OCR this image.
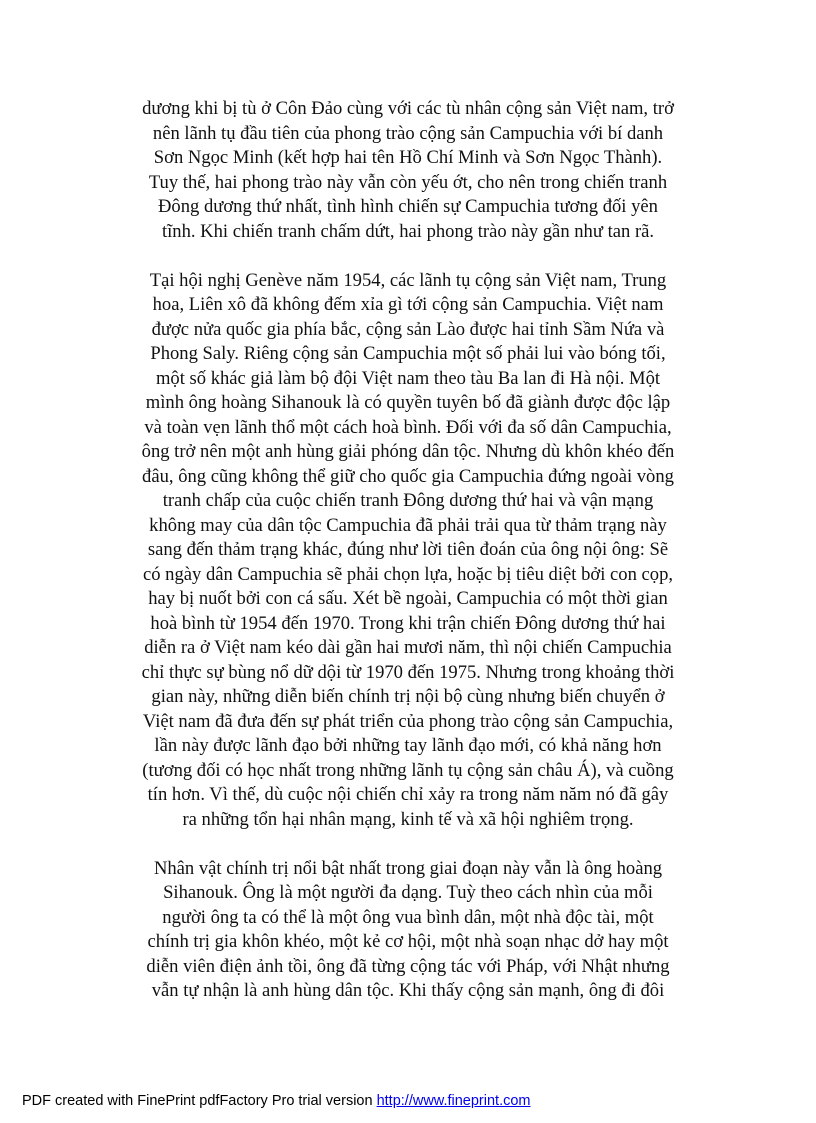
dương khi bị tù ở Côn Đảo cùng với các tù nhân cộng sản Việt nam, trở
nên lãnh tụ đầu tiên của phong trào cộng sản Campuchia với bí danh
Sơn Ngọc Minh (kết hợp hai tên Hồ Chí Minh và Sơn Ngọc Thành).
Tuy thế, hai phong trào này vẫn còn yếu ớt, cho nên trong chiến tranh
Đông dương thứ nhất, tình hình chiến sự Campuchia tương đối yên
tĩnh. Khi chiến tranh chấm dứt, hai phong trào này gần như tan rã.

Tại hội nghị Genève năm 1954, các lãnh tụ cộng sản Việt nam, Trung
hoa, Liên xô đã không đếm xỉa gì tới cộng sản Campuchia. Việt nam
được nửa quốc gia phía bắc, cộng sản Lào được hai tỉnh Sầm Nứa và
Phong Saly. Riêng cộng sản Campuchia một số phải lui vào bóng tối,
một số khác giả làm bộ đội Việt nam theo tàu Ba lan đi Hà nội. Một
mình ông hoàng Sihanouk là có quyền tuyên bố đã giành được độc lập
và toàn vẹn lãnh thổ một cách hoà bình. Đối với đa số dân Campuchia,
ông trở nên một anh hùng giải phóng dân tộc. Nhưng dù khôn khéo đến
đâu, ông cũng không thể giữ cho quốc gia Campuchia đứng ngoài vòng
tranh chấp của cuộc chiến tranh Đông dương thứ hai và vận mạng
không may của dân tộc Campuchia đã phải trải qua từ thảm trạng này
sang đến thảm trạng khác, đúng như lời tiên đoán của ông nội ông: Sẽ
có ngày dân Campuchia sẽ phải chọn lựa, hoặc bị tiêu diệt bởi con cọp,
hay bị nuốt bởi con cá sấu. Xét bề ngoài, Campuchia có một thời gian
hoà bình từ 1954 đến 1970. Trong khi trận chiến Đông dương thứ hai
diễn ra ở Việt nam kéo dài gần hai mươi năm, thì nội chiến Campuchia
chỉ thực sự bùng nổ dữ dội từ 1970 đến 1975. Nhưng trong khoảng thời
gian này, những diễn biến chính trị nội bộ cùng nhưng biến chuyển ở
Việt nam đã đưa đến sự phát triển của phong trào cộng sản Campuchia,
lần này được lãnh đạo bởi những tay lãnh đạo mới, có khả năng hơn
(tương đối có học nhất trong những lãnh tụ cộng sản châu Á), và cuồng
tín hơn. Vì thế, dù cuộc nội chiến chỉ xảy ra trong năm năm nó đã gây
ra những tổn hại nhân mạng, kinh tế và xã hội nghiêm trọng.

Nhân vật chính trị nổi bật nhất trong giai đoạn này vẫn là ông hoàng
Sihanouk. Ông là một người đa dạng. Tuỳ theo cách nhìn của mỗi
người ông ta có thể là một ông vua bình dân, một nhà độc tài, một
chính trị gia khôn khéo, một kẻ cơ hội, một nhà soạn nhạc dở hay một
diễn viên điện ảnh tồi, ông đã từng cộng tác với Pháp, với Nhật nhưng
vẫn tự nhận là anh hùng dân tộc. Khi thấy cộng sản mạnh, ông đi đôi

PDF created with FinePrint pdfFactory Pro trial version http://www.fineprint.com
